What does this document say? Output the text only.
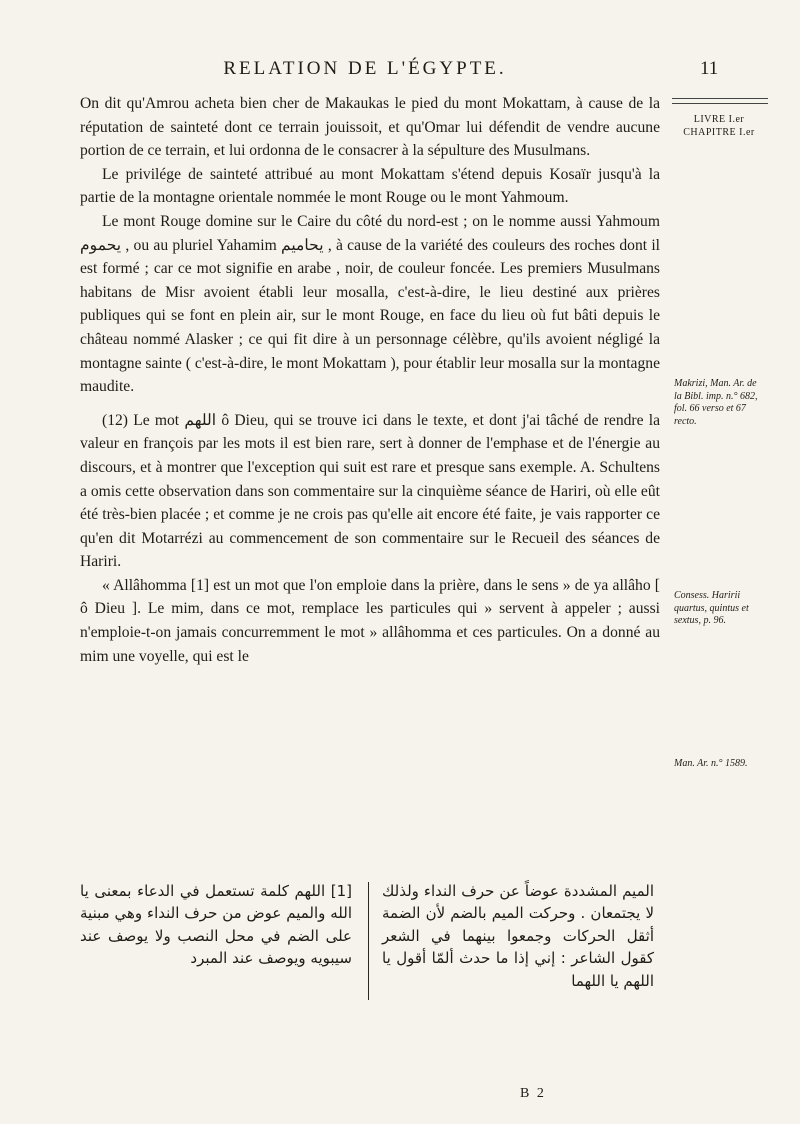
RELATION DE L'ÉGYPTE.	11

On dit qu'Amrou acheta bien cher de Makaukas le pied du mont Mokattam, à cause de la réputation de sainteté dont ce terrain jouissoit, et qu'Omar lui défendit de vendre aucune portion de ce terrain, et lui ordonna de le consacrer à la sépulture des Musulmans.

Le privilége de sainteté attribué au mont Mokattam s'étend depuis Kosaïr jusqu'à la partie de la montagne orientale nommée le mont Rouge ou le mont Yahmoum.

Le mont Rouge domine sur le Caire du côté du nord-est ; on le nomme aussi Yahmoum يحموم , ou au pluriel Yahamim يحاميم , à cause de la variété des couleurs des roches dont il est formé ; car ce mot signifie en arabe , noir, de couleur foncée. Les premiers Musulmans habitans de Misr avoient établi leur mosalla, c'est-à-dire, le lieu destiné aux prières publiques qui se font en plein air, sur le mont Rouge, en face du lieu où fut bâti depuis le château nommé Alasker ; ce qui fit dire à un personnage célèbre, qu'ils avoient négligé la montagne sainte ( c'est-à-dire, le mont Mokattam ), pour établir leur mosalla sur la montagne maudite.

(12) Le mot اللهم ô Dieu, qui se trouve ici dans le texte, et dont j'ai tâché de rendre la valeur en françois par les mots il est bien rare, sert à donner de l'emphase et de l'énergie au discours, et à montrer que l'exception qui suit est rare et presque sans exemple. A. Schultens a omis cette observation dans son commentaire sur la cinquième séance de Hariri, où elle eût été très-bien placée ; et comme je ne crois pas qu'elle ait encore été faite, je vais rapporter ce qu'en dit Motarrézi au commencement de son commentaire sur le Recueil des séances de Hariri.

« Allâhomma [1] est un mot que l'on emploie dans la prière, dans le sens » de ya allâho [ ô Dieu ]. Le mim, dans ce mot, remplace les particules qui » servent à appeler ; aussi n'emploie-t-on jamais concurremment le mot » allâhomma et ces particules. On a donné au mim une voyelle, qui est le

LIVRE I.er
CHAPITRE I.er
Makrizi, Man. Ar. de la Bibl. imp. n.° 682, fol. 66 verso et 67 recto.
Consess. Haririi quartus, quintus et sextus, p. 96.
Man. Ar. n.° 1589.

[1] اللهم كلمة تستعمل في الدعاء بمعنى يا الله والميم عوض من حرف النداء وهي مبنية على الضم في محل النصب ولا يوصف عند سيبويه ويوصف عند المبرد

الميم المشددة عوضاً عن حرف النداء ولذلك لا يجتمعان . وحركت الميم بالضم لأن الضمة أثقل الحركات وجمعوا بينهما في الشعر كقول الشاعر : إني إذا ما حدث ألمّا أقول يا اللهم يا اللهما

B 2
